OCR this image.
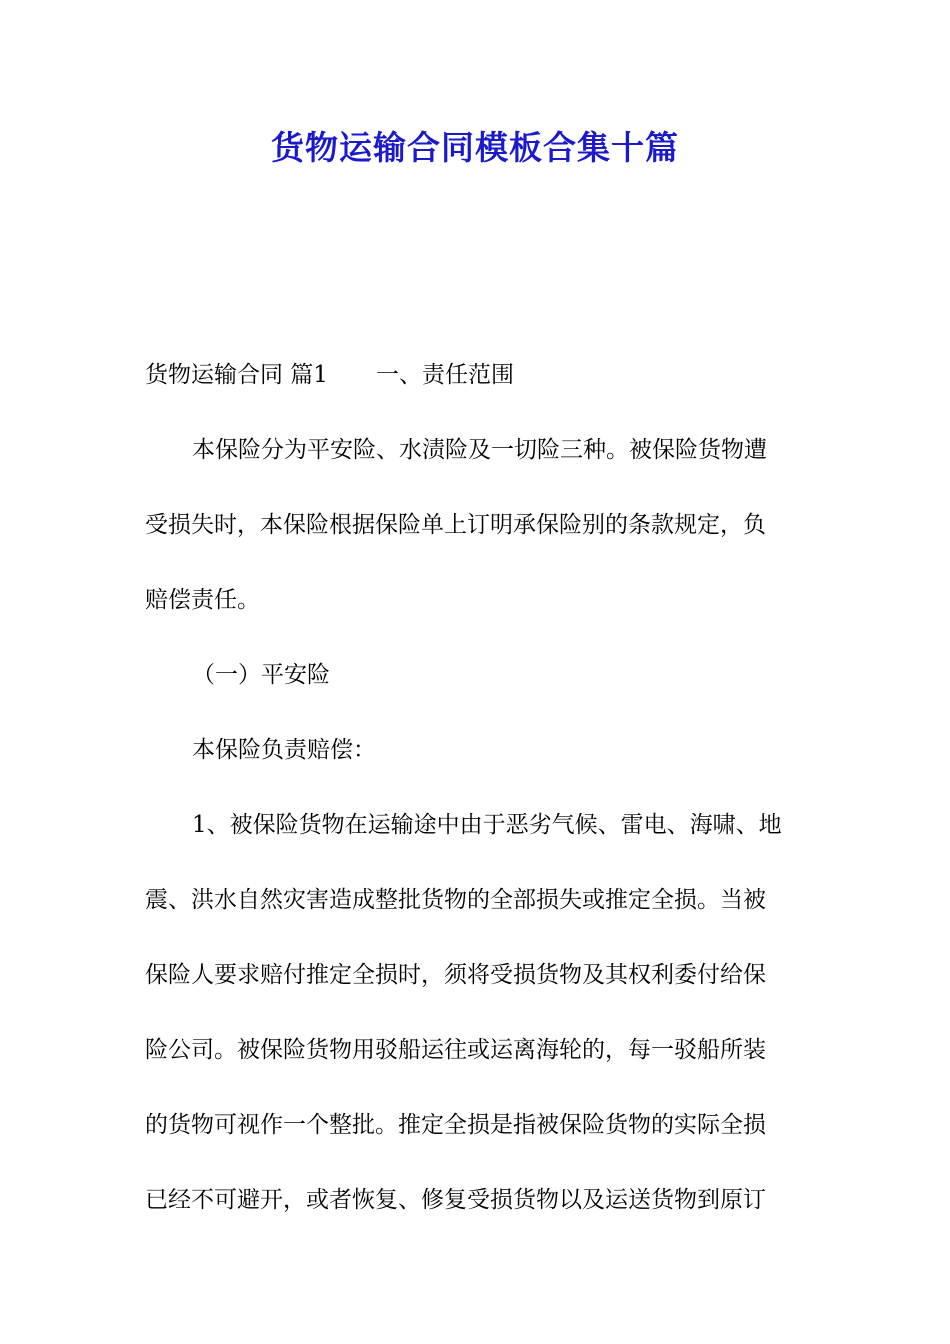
货物运输合同模板合集十篇
货物运输合同 篇1 一、责任范围
本保险分为平安险、水渍险及一切险三种。被保险货物遭
受损失时，本保险根据保险单上订明承保险别的条款规定，负
赔偿责任。
（一）平安险
本保险负责赔偿：
1、被保险货物在运输途中由于恶劣气候、雷电、海啸、地
震、洪水自然灾害造成整批货物的全部损失或推定全损。当被
保险人要求赔付推定全损时，须将受损货物及其权利委付给保
险公司。被保险货物用驳船运往或运离海轮的，每一驳船所装
的货物可视作一个整批。推定全损是指被保险货物的实际全损
已经不可避开，或者恢复、修复受损货物以及运送货物到原订
